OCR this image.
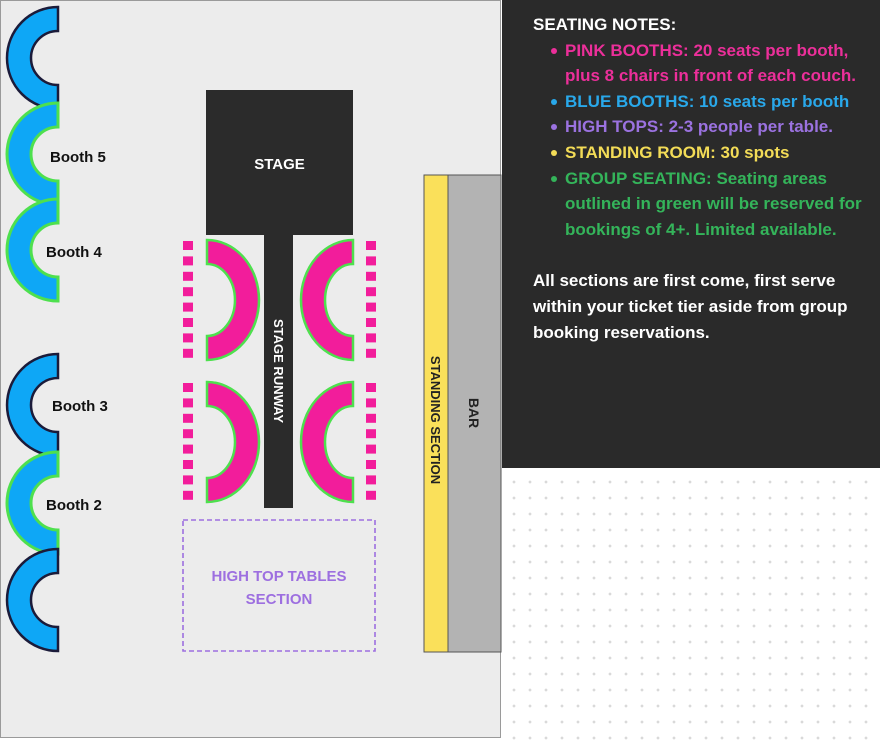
Booth 5
Booth 4
Booth 3
Booth 2
STAGE
STAGE RUNWAY
HIGH TOP TABLES
SECTION
STANDING SECTION BAR
SEATING NOTES:
PINK BOOTHS: 20 seats per booth, plus 8 chairs in front of each couch.
BLUE BOOTHS: 10 seats per booth
HIGH TOPS: 2-3 people per table.
STANDING ROOM: 30 spots
GROUP SEATING: Seating areas outlined in green will be reserved for bookings of 4+. Limited available.

All sections are first come, first serve within your ticket tier aside from group booking reservations.
